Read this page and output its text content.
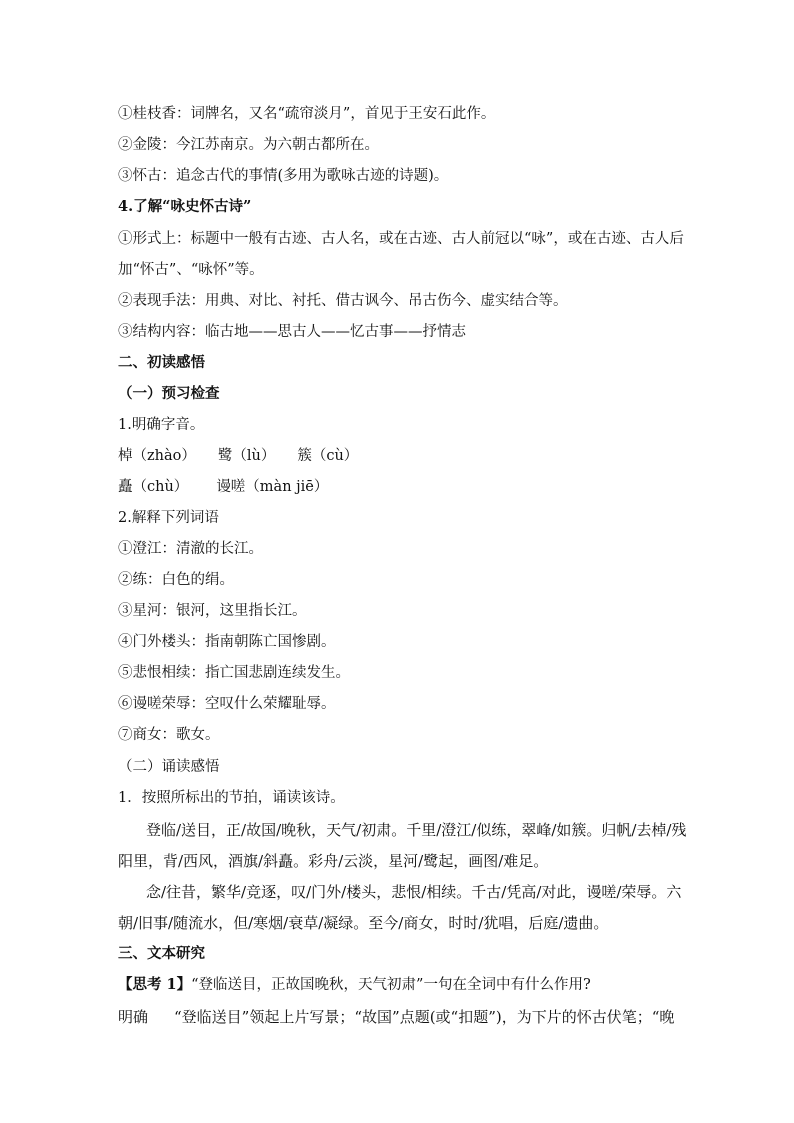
①桂枝香：词牌名，又名“疏帘淡月”，首见于王安石此作。
②金陵：今江苏南京。为六朝古都所在。
③怀古：追念古代的事情(多用为歌咏古迹的诗题)。
4.了解“咏史怀古诗”
①形式上：标题中一般有古迹、古人名，或在古迹、古人前冠以“咏”，或在古迹、古人后
加“怀古”、“咏怀”等。
②表现手法：用典、对比、衬托、借古讽今、吊古伤今、虚实结合等。
③结构内容：临古地——思古人——忆古事——抒情志
二、初读感悟
（一）预习检查
1.明确字音。
棹（zhào） 鹭（lù） 簇（cù）
矗（chù） 谩嗟（màn jiē）
2.解释下列词语
①澄江：清澈的长江。
②练：白色的绢。
③星河：银河，这里指长江。
④门外楼头：指南朝陈亡国惨剧。
⑤悲恨相续：指亡国悲剧连续发生。
⑥谩嗟荣辱：空叹什么荣耀耻辱。
⑦商女：歌女。
（二）诵读感悟
1．按照所标出的节拍，诵读该诗。
登临/送目，正/故国/晚秋，天气/初肃。千里/澄江/似练，翠峰/如簇。归帆/去棹/残
阳里，背/西风，酒旗/斜矗。彩舟/云淡，星河/鹭起，画图/难足。
念/往昔，繁华/竞逐，叹/门外/楼头，悲恨/相续。千古/凭高/对此，谩嗟/荣辱。六
朝/旧事/随流水，但/寒烟/衰草/凝绿。至今/商女，时时/犹唱，后庭/遗曲。
三、文本研究
【思考 1】“登临送目，正故国晚秋，天气初肃”一句在全词中有什么作用?
明确 “登临送目”领起上片写景；“故国”点题(或“扣题”)，为下片的怀古伏笔；“晚
